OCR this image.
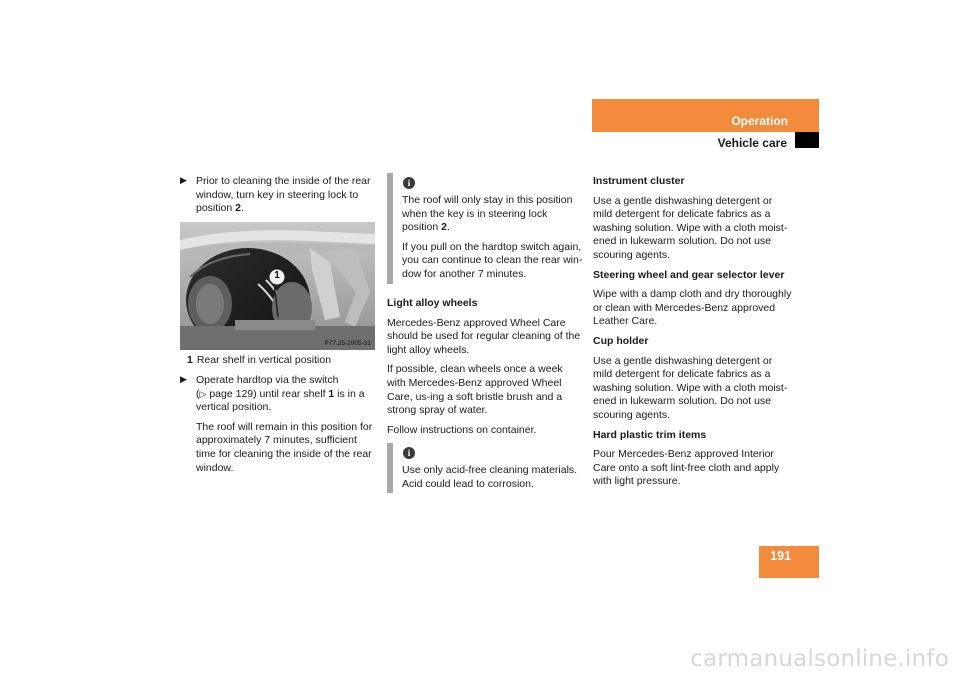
Operation
Vehicle care
▶ Prior to cleaning the inside of the rear window, turn key in steering lock to position 2.

1
P77.25-2005-31

1 Rear shelf in vertical position

▶ Operate hardtop via the switch
(▷ page 129) until rear shelf 1 is in a vertical position.

The roof will remain in this position for approximately 7 minutes, sufficient time for cleaning the inside of the rear window.

i

The roof will only stay in this position when the key is in steering lock position 2.

If you pull on the hardtop switch again, you can continue to clean the rear win-dow for another 7 minutes.

Light alloy wheels

Mercedes-Benz approved Wheel Care should be used for regular cleaning of the light alloy wheels.

If possible, clean wheels once a week with Mercedes-Benz approved Wheel Care, us-ing a soft bristle brush and a strong spray of water.

Follow instructions on container.

i

Use only acid-free cleaning materials. Acid could lead to corrosion.

Instrument cluster

Use a gentle dishwashing detergent or mild detergent for delicate fabrics as a washing solution. Wipe with a cloth moist-ened in lukewarm solution. Do not use scouring agents.

Steering wheel and gear selector lever

Wipe with a damp cloth and dry thoroughly or clean with Mercedes-Benz approved Leather Care.

Cup holder

Use a gentle dishwashing detergent or mild detergent for delicate fabrics as a washing solution. Wipe with a cloth moist-ened in lukewarm solution. Do not use scouring agents.

Hard plastic trim items

Pour Mercedes-Benz approved Interior Care onto a soft lint-free cloth and apply with light pressure.

191
carmanualsonline.info
